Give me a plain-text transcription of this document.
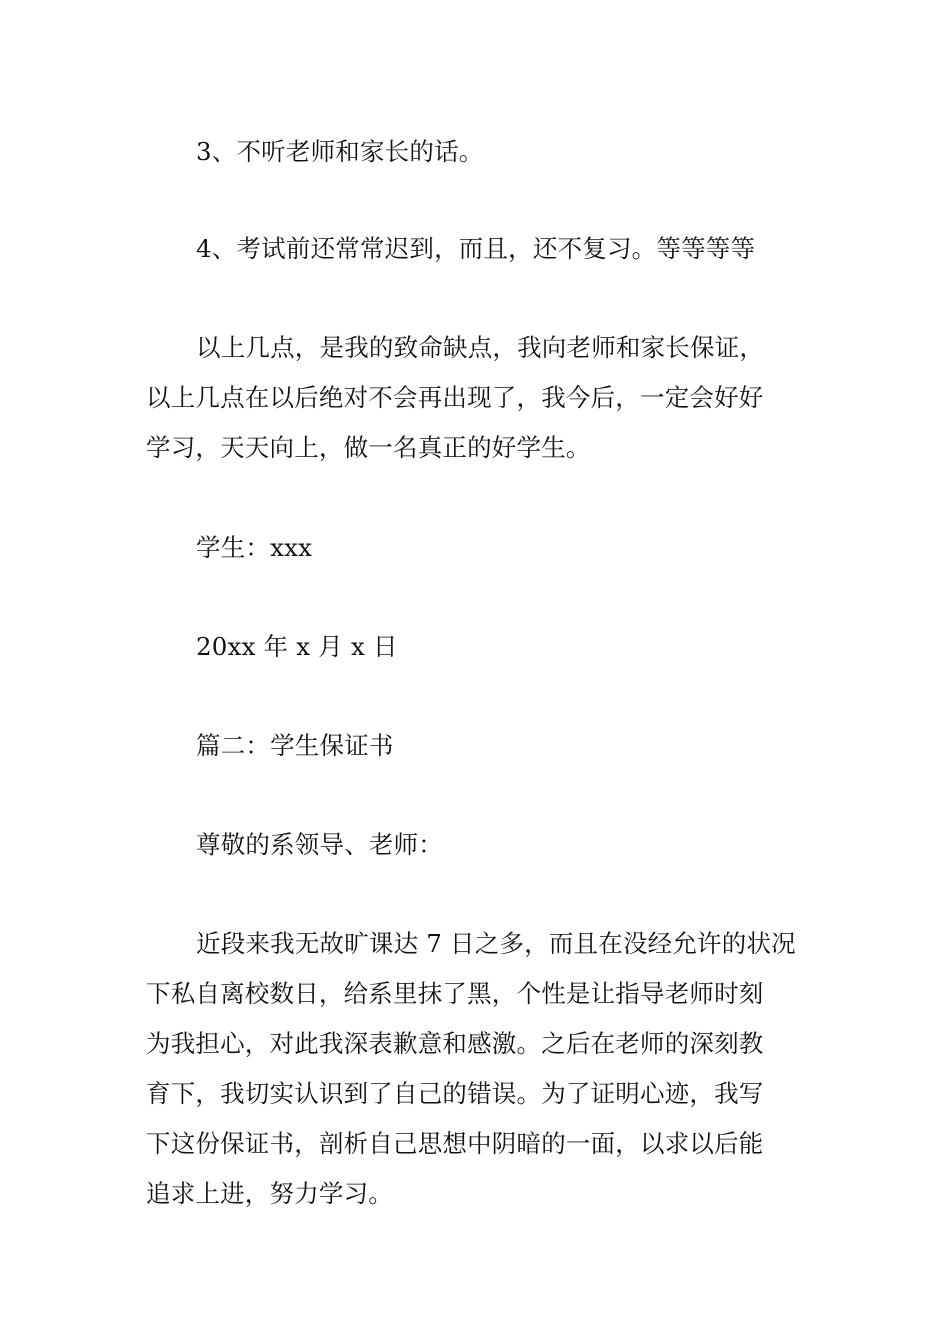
3、不听老师和家长的话。
4、考试前还常常迟到，而且，还不复习。等等等等
以上几点，是我的致命缺点，我向老师和家长保证，
以上几点在以后绝对不会再出现了，我今后，一定会好好
学习，天天向上，做一名真正的好学生。
学生：xxx
20xx 年 x 月 x 日
篇二：学生保证书
尊敬的系领导、老师：
近段来我无故旷课达 7 日之多，而且在没经允许的状况
下私自离校数日，给系里抹了黑，个性是让指导老师时刻
为我担心，对此我深表歉意和感激。之后在老师的深刻教
育下，我切实认识到了自己的错误。为了证明心迹，我写
下这份保证书，剖析自己思想中阴暗的一面，以求以后能
追求上进，努力学习。
